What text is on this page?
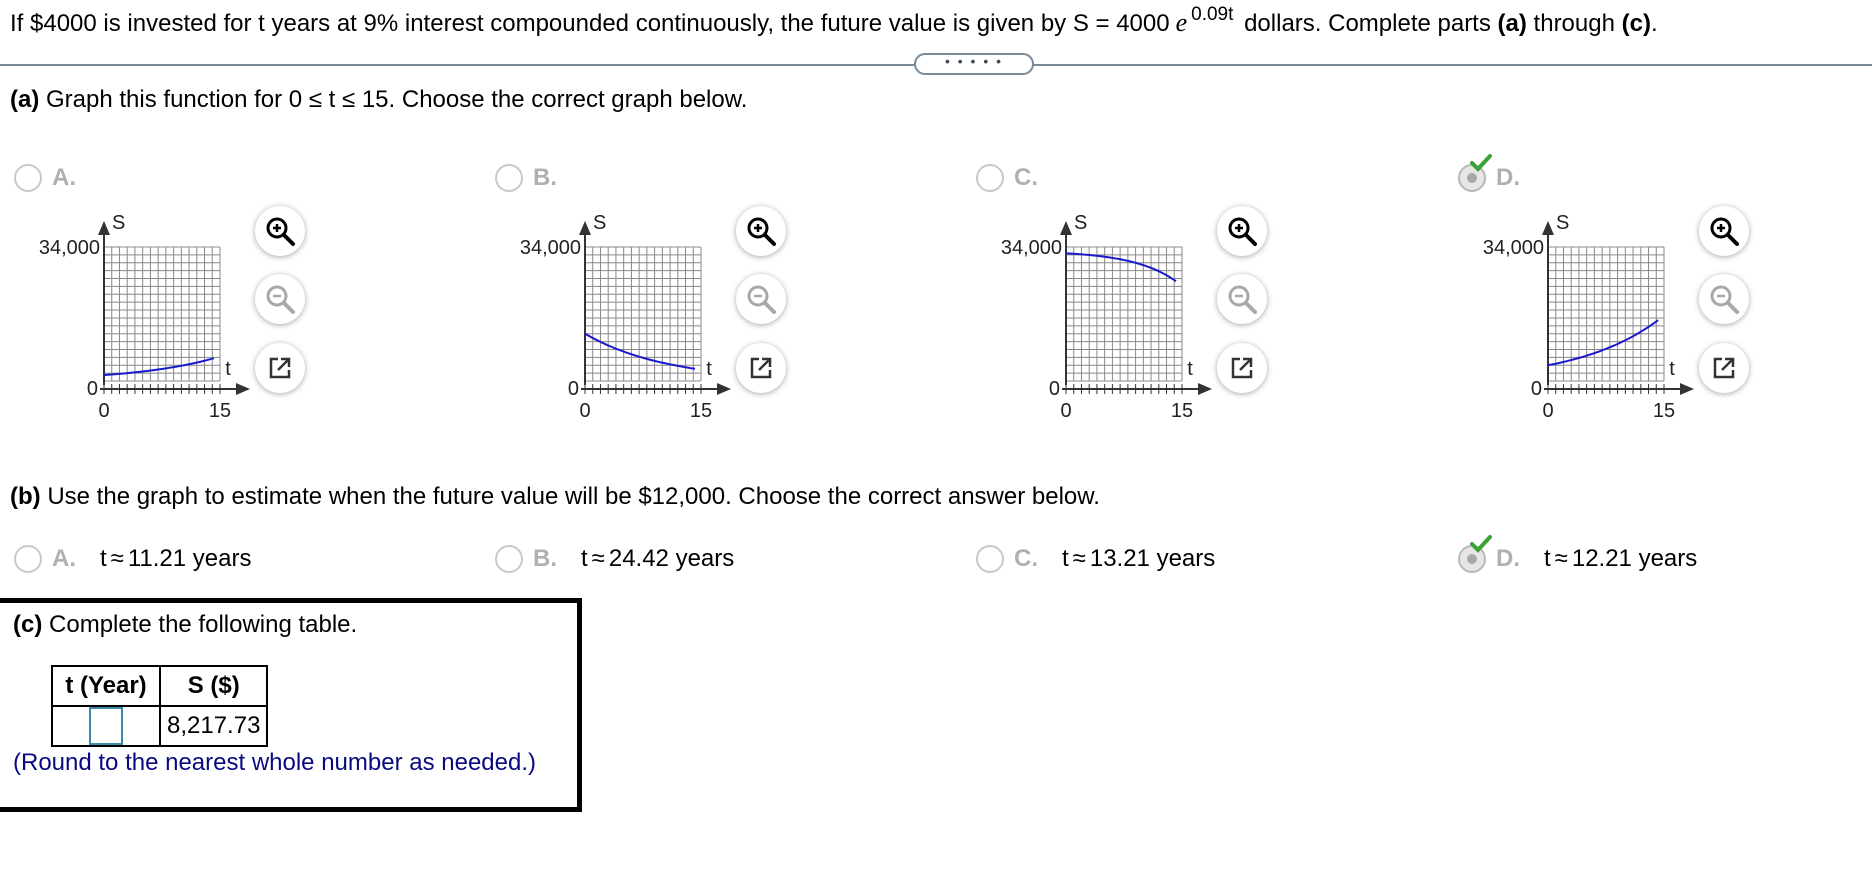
If $4000 is invested for t years at 9% interest compounded continuously, the future value is given by S = 4000 e $^{0.09t}$ dollars. Complete parts (a) through (c).
• • • • •
(a) Graph this function for 0 ≤ t ≤ 15. Choose the correct graph below.
A.	B.	C.	D.
S
34,000
0
t
0	15
S
34,000
0
t
0	15
S
34,000
0
t
0	15
S
34,000
0
t
0	15
(b) Use the graph to estimate when the future value will be $12,000. Choose the correct answer below.
A. t ≈ 11.21 years	B. t ≈ 24.42 years	C. t ≈ 13.21 years	D. t ≈ 12.21 years
(c) Complete the following table.
t (Year)	S ($)
	8,217.73
(Round to the nearest whole number as needed.)
